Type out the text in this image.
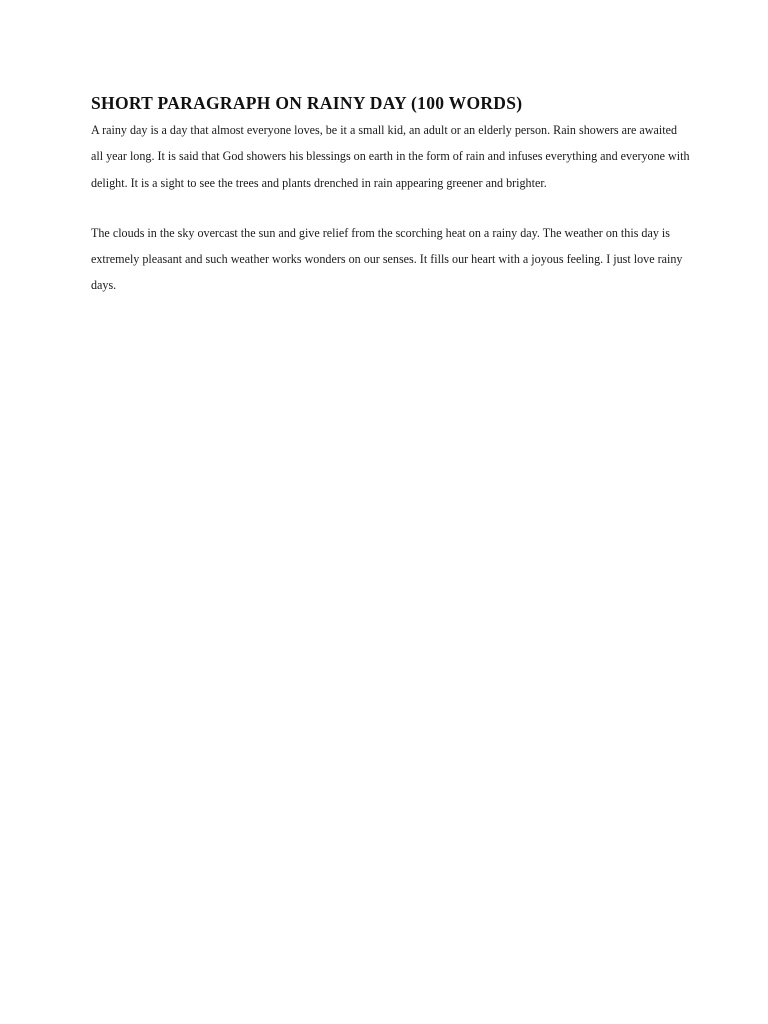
SHORT PARAGRAPH ON RAINY DAY (100 WORDS)

A rainy day is a day that almost everyone loves, be it a small kid, an adult or an elderly person. Rain showers are awaited all year long. It is said that God showers his blessings on earth in the form of rain and infuses everything and everyone with delight. It is a sight to see the trees and plants drenched in rain appearing greener and brighter.

The clouds in the sky overcast the sun and give relief from the scorching heat on a rainy day. The weather on this day is extremely pleasant and such weather works wonders on our senses. It fills our heart with a joyous feeling. I just love rainy days.
